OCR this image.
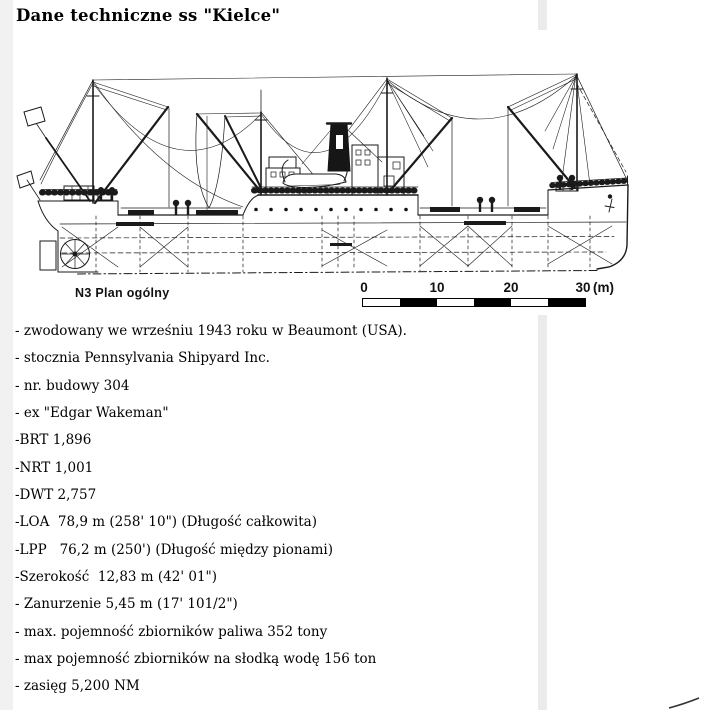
Dane techniczne ss "Kielce"
N3 Plan ogólny	0	10	20	30 (m)
- zwodowany we wrześniu 1943 roku w Beaumont (USA).
- stocznia Pennsylvania Shipyard Inc.
- nr. budowy 304
- ex "Edgar Wakeman"
-BRT 1,896
-NRT 1,001
-DWT 2,757
-LOA  78,9 m (258' 10") (Długość całkowita)
-LPP   76,2 m (250') (Długość między pionami)
-Szerokość  12,83 m (42' 01")
- Zanurzenie 5,45 m (17' 101/2")
- max. pojemność zbiorników paliwa 352 tony
- max pojemność zbiorników na słodką wodę 156 ton
- zasięg 5,200 NM
